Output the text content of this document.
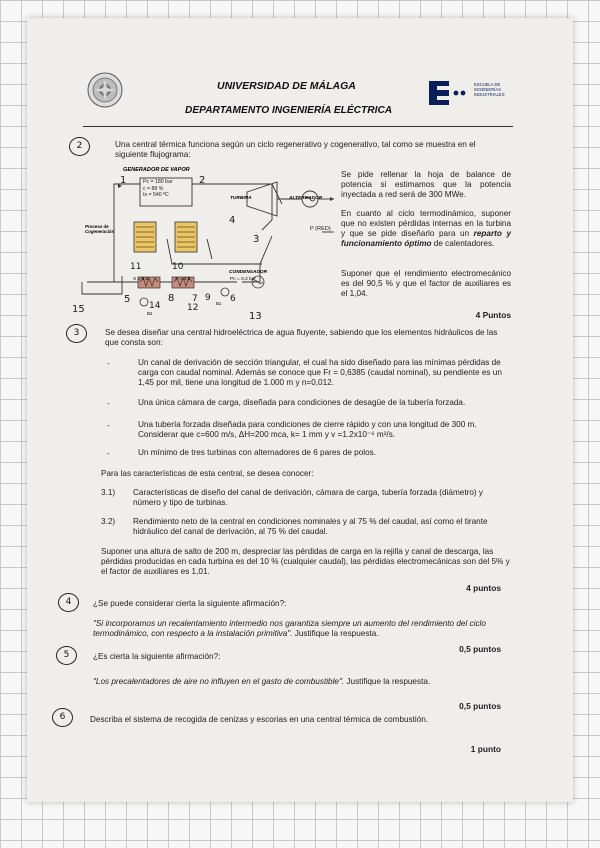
UNIVERSIDAD DE MÁLAGA
DEPARTAMENTO INGENIERÍA ELÉCTRICA
ESCUELA DE
INGENIERÍAS
INDUSTRIALES
2	Una central térmica funciona según un ciclo regenerativo y cogenerativo, tal como se muestra en el siguiente flujograma:
GENERADOR DE VAPOR
Pc = 180 bar
c = 88 %
ts = 540 ºC
TURBINA	ALTERNADOR
P (RED)
Proceso de
Cogeneración
X = 0,5	X = 0,6
CONDENSADOR
Pc = 0,2 bar
B1
B2
1	2
4
3
11	10
9
8 7	6
5
12
13
14
15
Se pide rellenar la hoja de balance de potencia si estimamos que la potencia inyectada a red será de 300 MWe.
En cuanto al ciclo termodinámico, suponer que no existen pérdidas internas en la turbina y que se pide diseñarlo para un reparto y funcionamiento óptimo de calentadores.
Suponer que el rendimiento electromecánico es del 90,5 % y que el factor de auxiliares es el 1,04.
4 Puntos
3	Se desea diseñar una central hidroeléctrica de agua fluyente, sabiendo que los elementos hidráulicos de las que consta son:
-	Un canal de derivación de sección triangular, el cual ha sido diseñado para las mínimas pérdidas de carga con caudal nominal. Además se conoce que Fr = 0,6385 (caudal nominal), su pendiente es un 1,45 por mil, tiene una longitud de 1.000 m y n=0,012.
-	Una única cámara de carga, diseñada para condiciones de desagüe de la tubería forzada.
-	Una tubería forzada diseñada para condiciones de cierre rápido y con una longitud de 300 m. Considerar que c=600 m/s, ΔH=200 mca, k= 1 mm y v =1.2x10⁻⁶ m²/s.
-	Un mínimo de tres turbinas con alternadores de 6 pares de polos.
Para las características de esta central, se desea conocer:
3.1) Características de diseño del canal de derivación, cámara de carga, tubería forzada (diámetro) y número y tipo de turbinas.
3.2) Rendimiento neto de la central en condiciones nominales y al 75 % del caudal, así como el tirante hidráulico del canal de derivación, al 75 % del caudal.
Suponer una altura de salto de 200 m, despreciar las pérdidas de carga en la rejilla y canal de descarga, las pérdidas producidas en cada turbina es del 10 % (cualquier caudal), las pérdidas electromecánicas son del 5% y el factor de auxiliares es 1,01.
4 puntos
4	¿Se puede considerar cierta la siguiente afirmación?:
"Si incorporamos un recalentamiento intermedio nos garantiza siempre un aumento del rendimiento del ciclo termodinámico, con respecto a la instalación primitiva". Justifique la respuesta.
0,5 puntos
5	¿Es cierta la siguiente afirmación?:
"Los precalentadores de aire no influyen en el gasto de combustible". Justifique la respuesta.
0,5 puntos
6	Describa el sistema de recogida de cenizas y escorias en una central térmica de combustión.
1 punto
